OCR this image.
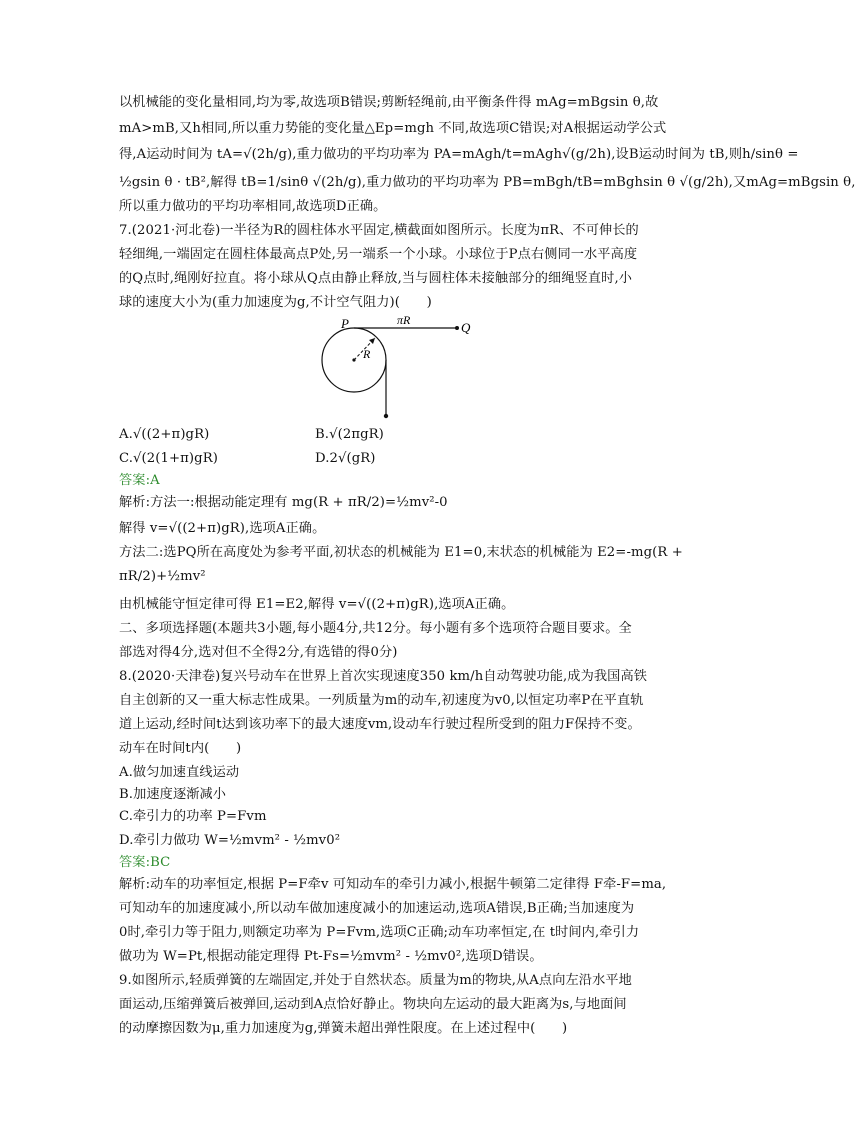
以机械能的变化量相同,均为零,故选项B错误;剪断轻绳前,由平衡条件得 mAg=mBgsin θ,故
mA>mB,又h相同,所以重力势能的变化量△Ep=mgh 不同,故选项C错误;对A根据运动学公式
得,A运动时间为 tA=√(2h/g),重力做功的平均功率为 PA=mAgh/t=mAgh√(g/2h),设B运动时间为 tB,则h/sinθ =
½gsin θ · tB²,解得 tB=1/sinθ √(2h/g),重力做功的平均功率为 PB=mBgh/tB=mBghsin θ √(g/2h),又mAg=mBgsin θ,
所以重力做功的平均功率相同,故选项D正确。
7.(2021·河北卷)一半径为R的圆柱体水平固定,横截面如图所示。长度为πR、不可伸长的
轻细绳,一端固定在圆柱体最高点P处,另一端系一个小球。小球位于P点右侧同一水平高度
的Q点时,绳刚好拉直。将小球从Q点由静止释放,当与圆柱体未接触部分的细绳竖直时,小
球的速度大小为(重力加速度为g,不计空气阻力)(　　)
P	Q
πR
R
A.√((2+π)gR)	B.√(2πgR)
C.√(2(1+π)gR)	D.2√(gR)
答案:A
解析:方法一:根据动能定理有 mg(R + πR/2)=½mv²-0
解得 v=√((2+π)gR),选项A正确。
方法二:选PQ所在高度处为参考平面,初状态的机械能为 E1=0,末状态的机械能为 E2=-mg(R +
πR/2)+½mv²
由机械能守恒定律可得 E1=E2,解得 v=√((2+π)gR),选项A正确。
二、多项选择题(本题共3小题,每小题4分,共12分。每小题有多个选项符合题目要求。全
部选对得4分,选对但不全得2分,有选错的得0分)
8.(2020·天津卷)复兴号动车在世界上首次实现速度350 km/h自动驾驶功能,成为我国高铁
自主创新的又一重大标志性成果。一列质量为m的动车,初速度为v0,以恒定功率P在平直轨
道上运动,经时间t达到该功率下的最大速度vm,设动车行驶过程所受到的阻力F保持不变。
动车在时间t内(　　)
A.做匀加速直线运动
B.加速度逐渐减小
C.牵引力的功率 P=Fvm
D.牵引力做功 W=½mvm² - ½mv0²
答案:BC
解析:动车的功率恒定,根据 P=F牵v 可知动车的牵引力减小,根据牛顿第二定律得 F牵-F=ma,
可知动车的加速度减小,所以动车做加速度减小的加速运动,选项A错误,B正确;当加速度为
0时,牵引力等于阻力,则额定功率为 P=Fvm,选项C正确;动车功率恒定,在 t时间内,牵引力
做功为 W=Pt,根据动能定理得 Pt-Fs=½mvm² - ½mv0²,选项D错误。
9.如图所示,轻质弹簧的左端固定,并处于自然状态。质量为m的物块,从A点向左沿水平地
面运动,压缩弹簧后被弹回,运动到A点恰好静止。物块向左运动的最大距离为s,与地面间
的动摩擦因数为μ,重力加速度为g,弹簧未超出弹性限度。在上述过程中(　　)
